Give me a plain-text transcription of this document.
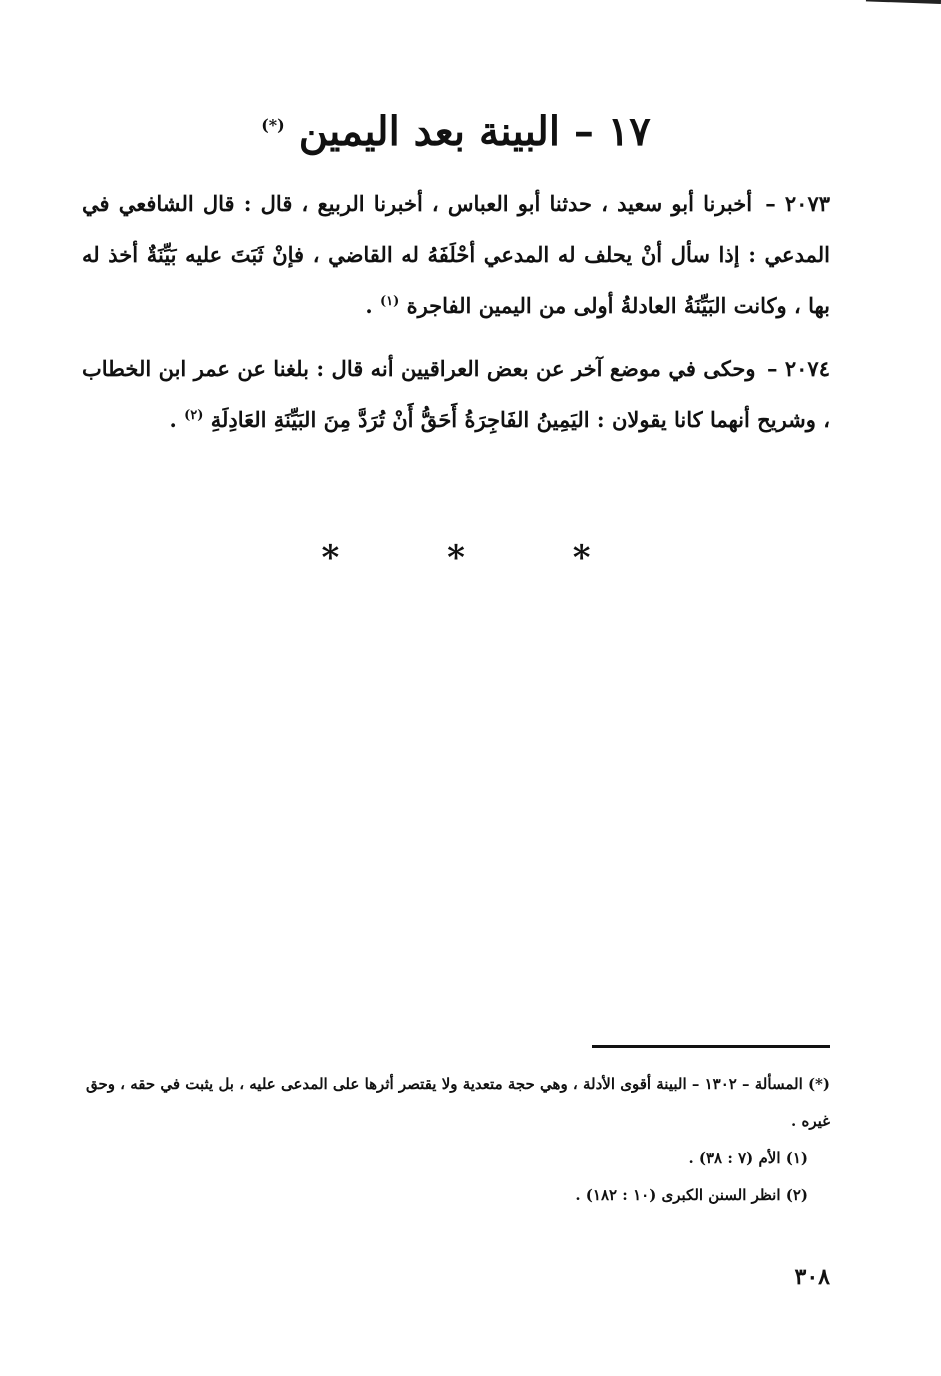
١٧ – البينة بعد اليمين (*)

٢٠٧٣ – أخبرنا أبو سعيد ، حدثنا أبو العباس ، أخبرنا الربيع ، قال : قال الشافعي في المدعي : إذا سأل أنْ يحلف له المدعي أحْلَفَهُ له القاضي ، فإنْ ثَبَتَ عليه بَيِّنَةٌ أخذ له بها ، وكانت البَيِّنَةُ العادلةُ أولى من اليمين الفاجرة $^{(١)}$ .

٢٠٧٤ – وحكى في موضع آخر عن بعض العراقيين أنه قال : بلغنا عن عمر ابن الخطاب ، وشريح أنهما كانا يقولان : اليَمِينُ الفَاجِرَةُ أَحَقُّ أَنْ تُرَدَّ مِنَ البَيِّنَةِ العَادِلَةِ $^{(٢)}$ .

* * *

(*) المسألة – ١٣٠٢ – البينة أقوى الأدلة ، وهي حجة متعدية ولا يقتصر أثرها على المدعى عليه ، بل يثبت في حقه ، وحق غيره .

(١) الأم (٧ : ٣٨) .

(٢) انظر السنن الكبرى (١٠ : ١٨٢) .

٣٠٨
